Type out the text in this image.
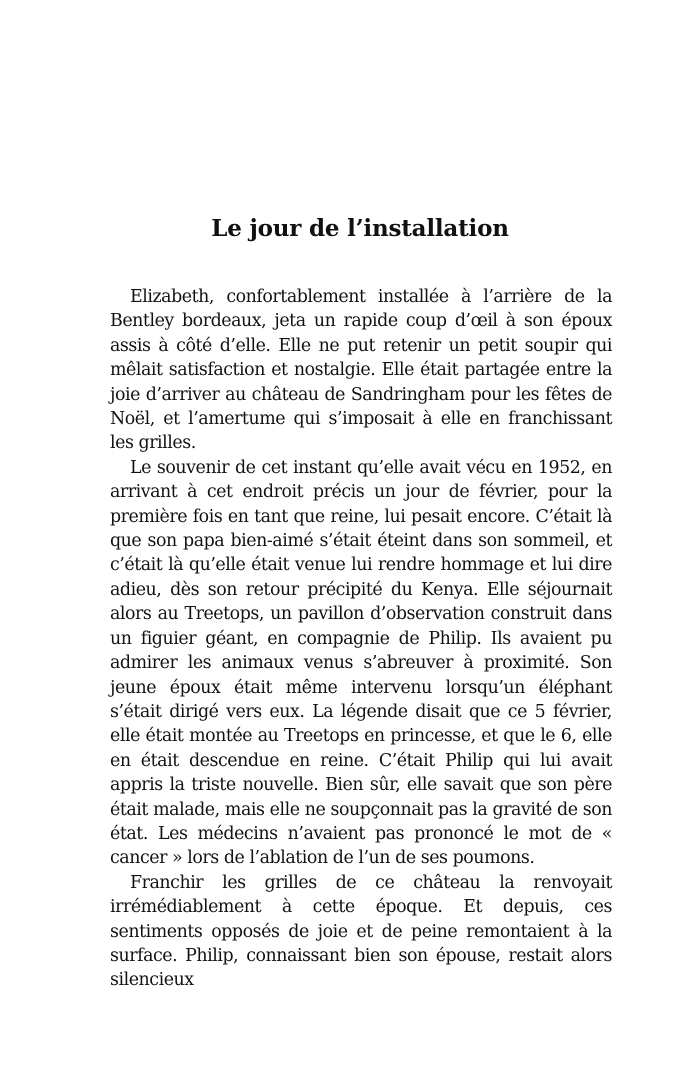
Le jour de l’installation

Elizabeth, confortablement installée à l’arrière de la Bentley bordeaux, jeta un rapide coup d’œil à son époux assis à côté d’elle. Elle ne put retenir un petit soupir qui mêlait satisfaction et nostalgie. Elle était partagée entre la joie d’arriver au château de Sandringham pour les fêtes de Noël, et l’amertume qui s’imposait à elle en franchissant les grilles.

Le souvenir de cet instant qu’elle avait vécu en 1952, en arrivant à cet endroit précis un jour de février, pour la première fois en tant que reine, lui pesait encore. C’était là que son papa bien-aimé s’était éteint dans son sommeil, et c’était là qu’elle était venue lui rendre hommage et lui dire adieu, dès son retour précipité du Kenya. Elle séjournait alors au Treetops, un pavillon d’observation construit dans un figuier géant, en compagnie de Philip. Ils avaient pu admirer les animaux venus s’abreuver à proximité. Son jeune époux était même intervenu lorsqu’un éléphant s’était dirigé vers eux. La légende disait que ce 5 février, elle était montée au Treetops en princesse, et que le 6, elle en était descendue en reine. C’était Philip qui lui avait appris la triste nouvelle. Bien sûr, elle savait que son père était malade, mais elle ne soupçonnait pas la gravité de son état. Les médecins n’avaient pas prononcé le mot de « cancer » lors de l’ablation de l’un de ses poumons.

Franchir les grilles de ce château la renvoyait irrémédiablement à cette époque. Et depuis, ces sentiments opposés de joie et de peine remontaient à la surface. Philip, connaissant bien son épouse, restait alors silencieux
